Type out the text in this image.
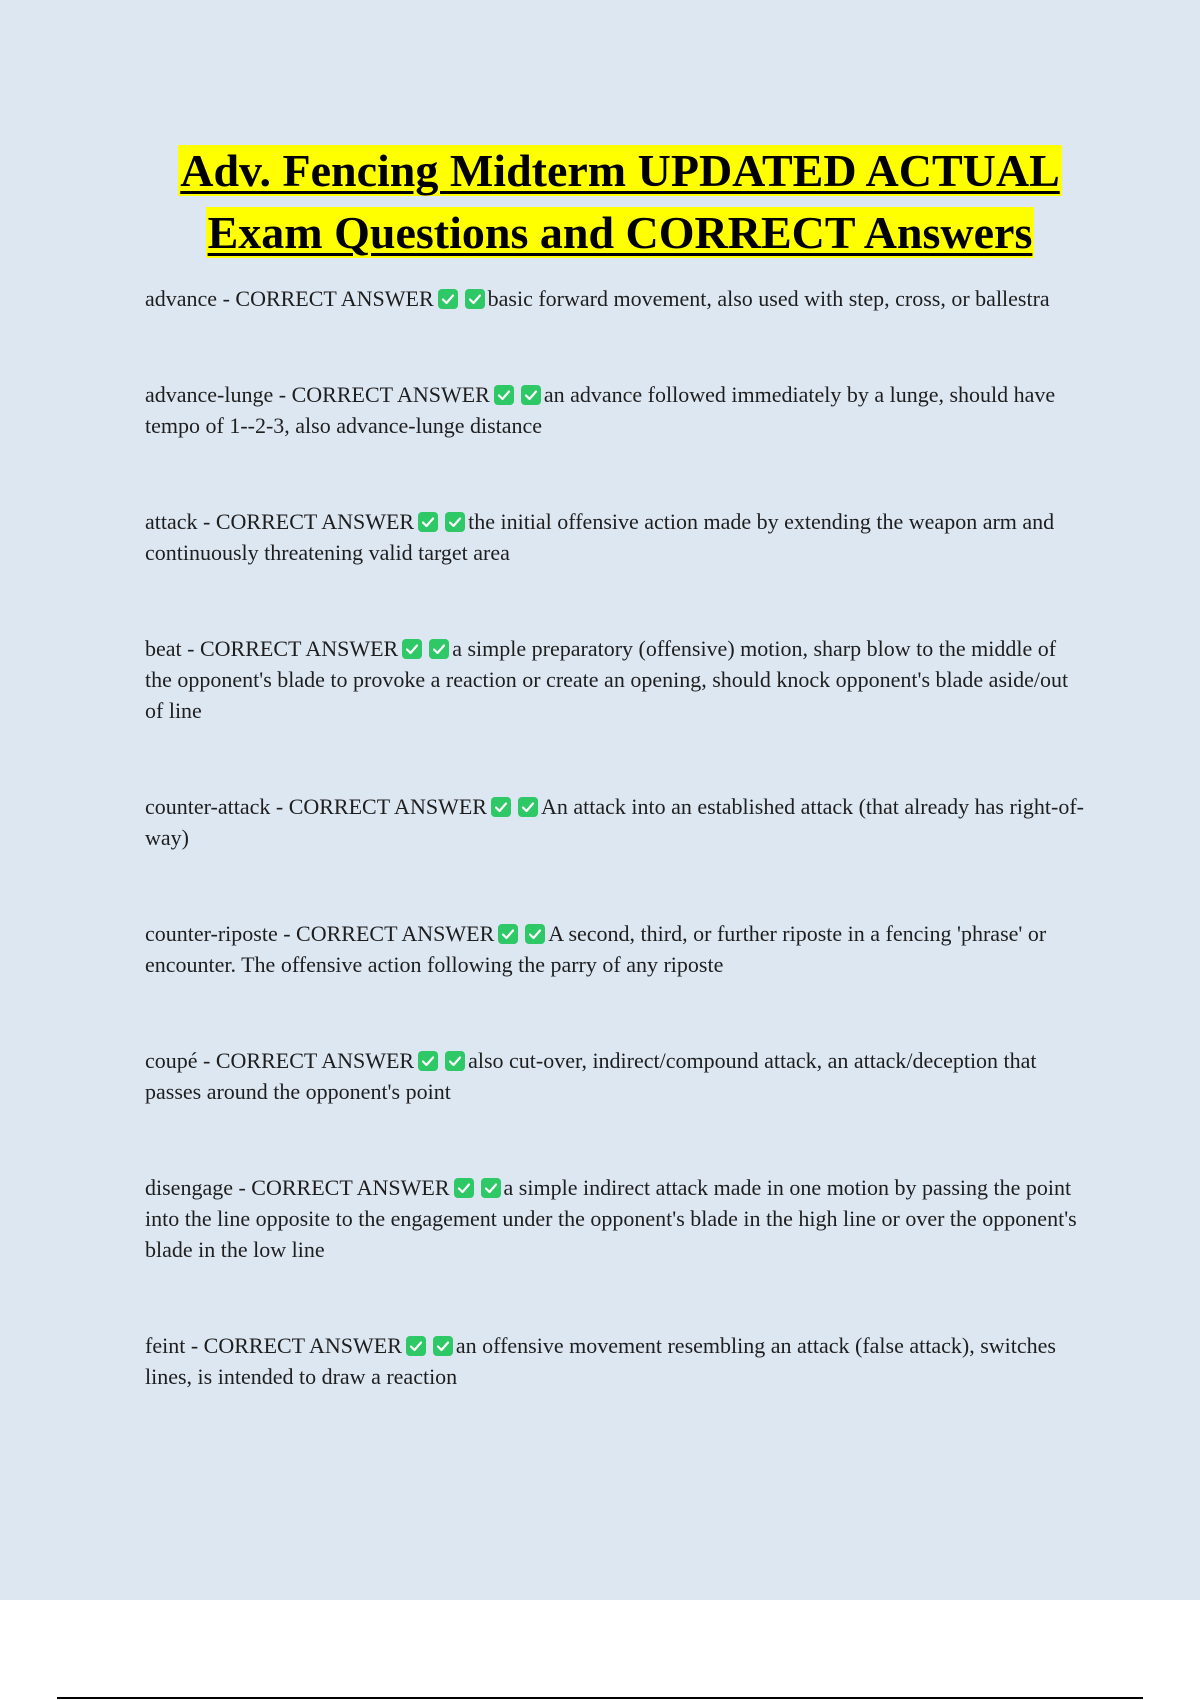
Adv. Fencing Midterm UPDATED ACTUAL
Exam Questions and CORRECT Answers

advance - CORRECT ANSWER basic forward movement, also used with step, cross, or ballestra

advance-lunge - CORRECT ANSWER an advance followed immediately by a lunge, should have tempo of 1--2-3, also advance-lunge distance

attack - CORRECT ANSWER the initial offensive action made by extending the weapon arm and continuously threatening valid target area

beat - CORRECT ANSWER a simple preparatory (offensive) motion, sharp blow to the middle of the opponent's blade to provoke a reaction or create an opening, should knock opponent's blade aside/out of line

counter-attack - CORRECT ANSWER An attack into an established attack (that already has right-of-way)

counter-riposte - CORRECT ANSWER A second, third, or further riposte in a fencing 'phrase' or encounter. The offensive action following the parry of any riposte

coupé - CORRECT ANSWER also cut-over, indirect/compound attack, an attack/deception that passes around the opponent's point

disengage - CORRECT ANSWER a simple indirect attack made in one motion by passing the point into the line opposite to the engagement under the opponent's blade in the high line or over the opponent's blade in the low line

feint - CORRECT ANSWER an offensive movement resembling an attack (false attack), switches lines, is intended to draw a reaction
